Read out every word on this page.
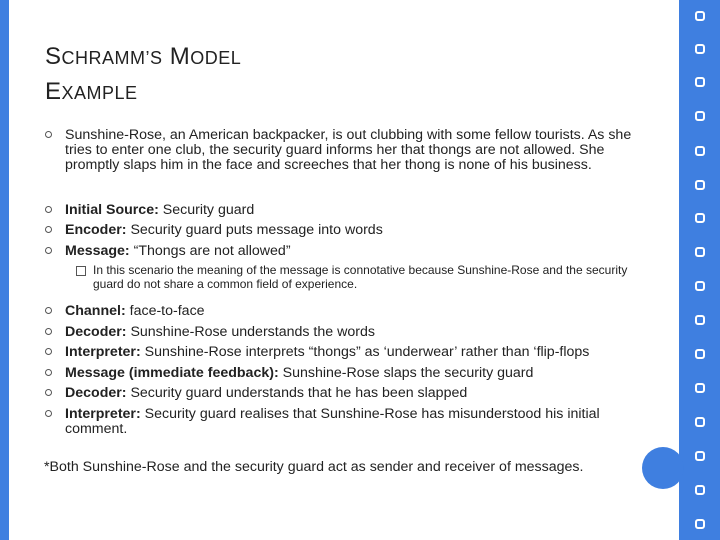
SCHRAMM’S MODEL
EXAMPLE
Sunshine-Rose, an American backpacker, is out clubbing with some fellow tourists. As she tries to enter one club, the security guard informs her that thongs are not allowed. She promptly slaps him in the face and screeches that her thong is none of his business.
Initial Source: Security guard
Encoder: Security guard puts message into words
Message: “Thongs are not allowed”
In this scenario the meaning of the message is connotative because Sunshine-Rose and the security guard do not share a common field of experience.
Channel: face-to-face
Decoder: Sunshine-Rose understands the words
Interpreter: Sunshine-Rose interprets “thongs” as ‘underwear’ rather than ‘flip-flops
Message (immediate feedback): Sunshine-Rose slaps the security guard
Decoder: Security guard understands that he has been slapped
Interpreter: Security guard realises that Sunshine-Rose has misunderstood his initial comment.
*Both Sunshine-Rose and the security guard act as sender and receiver of messages.
